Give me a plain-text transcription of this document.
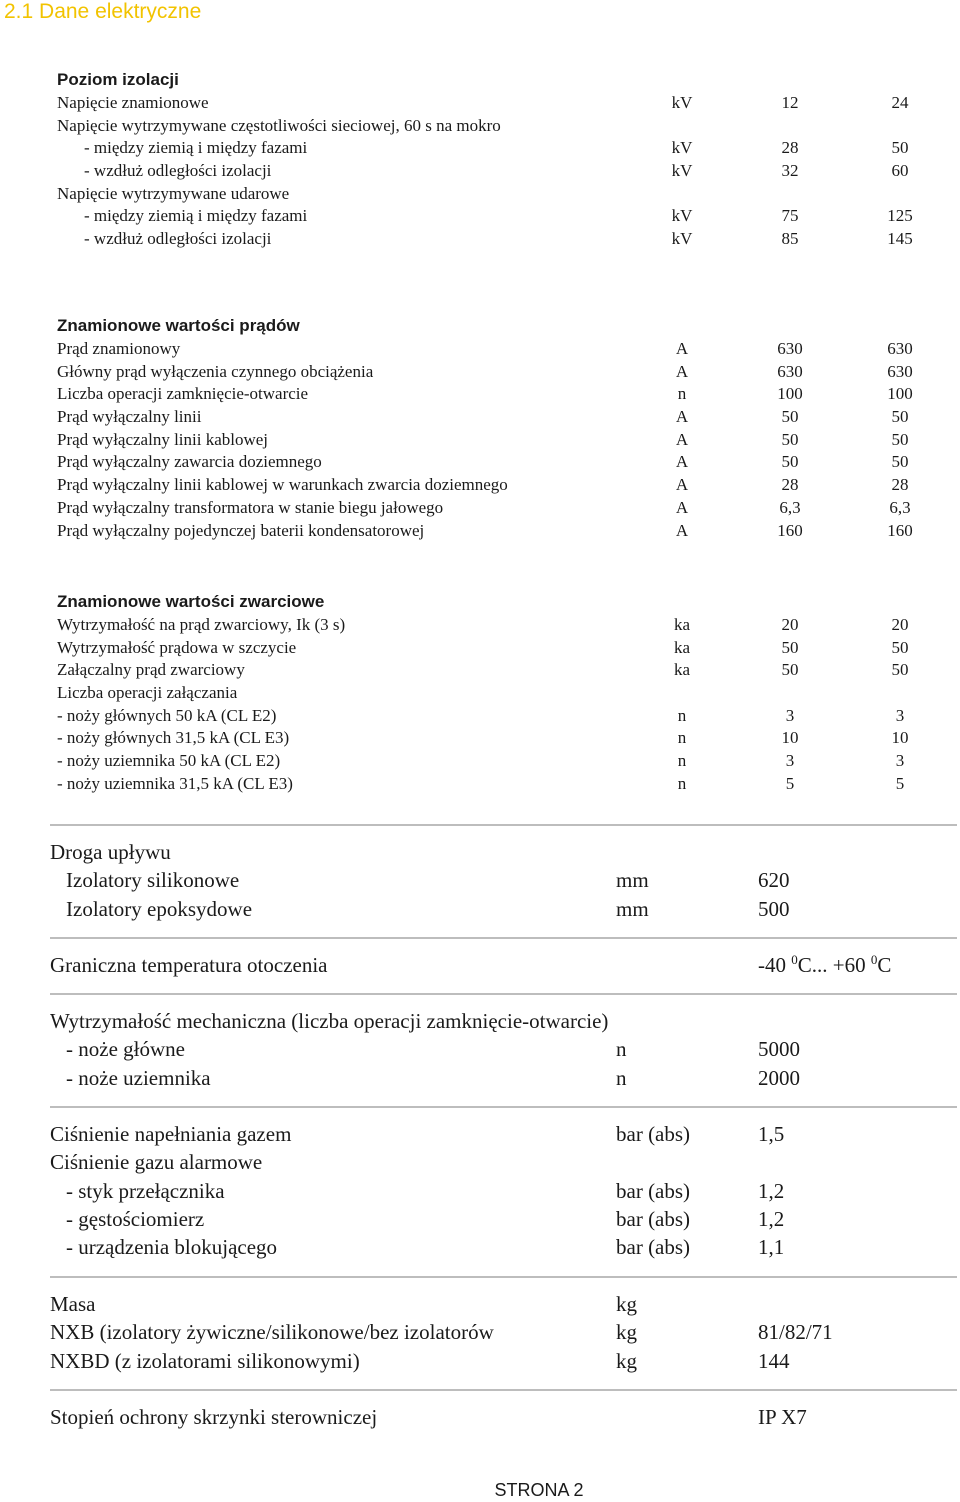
2.1 Dane elektryczne
Poziom izolacji
Napięcie znamionowe	kV	12	24
Napięcie wytrzymywane częstotliwości sieciowej, 60 s na mokro
- między ziemią i między fazami	kV	28	50
- wzdłuż odległości izolacji	kV	32	60
Napięcie wytrzymywane udarowe
- między ziemią i między fazami	kV	75	125
- wzdłuż odległości izolacji	kV	85	145
Znamionowe wartości prądów
Prąd znamionowy	A	630	630
Główny prąd wyłączenia czynnego obciążenia	A	630	630
Liczba operacji zamknięcie-otwarcie	n	100	100
Prąd wyłączalny linii	A	50	50
Prąd wyłączalny linii kablowej	A	50	50
Prąd wyłączalny zawarcia doziemnego	A	50	50
Prąd wyłączalny linii kablowej w warunkach zwarcia doziemnego	A	28	28
Prąd wyłączalny transformatora w stanie biegu jałowego	A	6,3	6,3
Prąd wyłączalny pojedynczej baterii kondensatorowej	A	160	160
Znamionowe wartości zwarciowe
Wytrzymałość na prąd zwarciowy, Ik (3 s)	ka	20	20
Wytrzymałość prądowa w szczycie	ka	50	50
Załączalny prąd zwarciowy	ka	50	50
Liczba operacji załączania
- noży głównych 50 kA (CL E2)	n	3	3
- noży głównych 31,5 kA (CL E3)	n	10	10
- noży uziemnika 50 kA (CL E2)	n	3	3
- noży uziemnika 31,5 kA (CL E3)	n	5	5
Droga upływu
Izolatory silikonowe	mm	620
Izolatory epoksydowe	mm	500
Graniczna temperatura otoczenia	-40 $^0$C... +60 $^0$C
Wytrzymałość mechaniczna (liczba operacji zamknięcie-otwarcie)
- noże główne	n	5000
- noże uziemnika	n	2000
Ciśnienie napełniania gazem	bar (abs)	1,5
Ciśnienie gazu alarmowe
- styk przełącznika	bar (abs)	1,2
- gęstościomierz	bar (abs)	1,2
- urządzenia blokującego	bar (abs)	1,1
Masa	kg
NXB (izolatory żywiczne/silikonowe/bez izolatorów	kg	81/82/71
NXBD (z izolatorami silikonowymi)	kg	144
Stopień ochrony skrzynki sterowniczej	IP X7
STRONA 2
